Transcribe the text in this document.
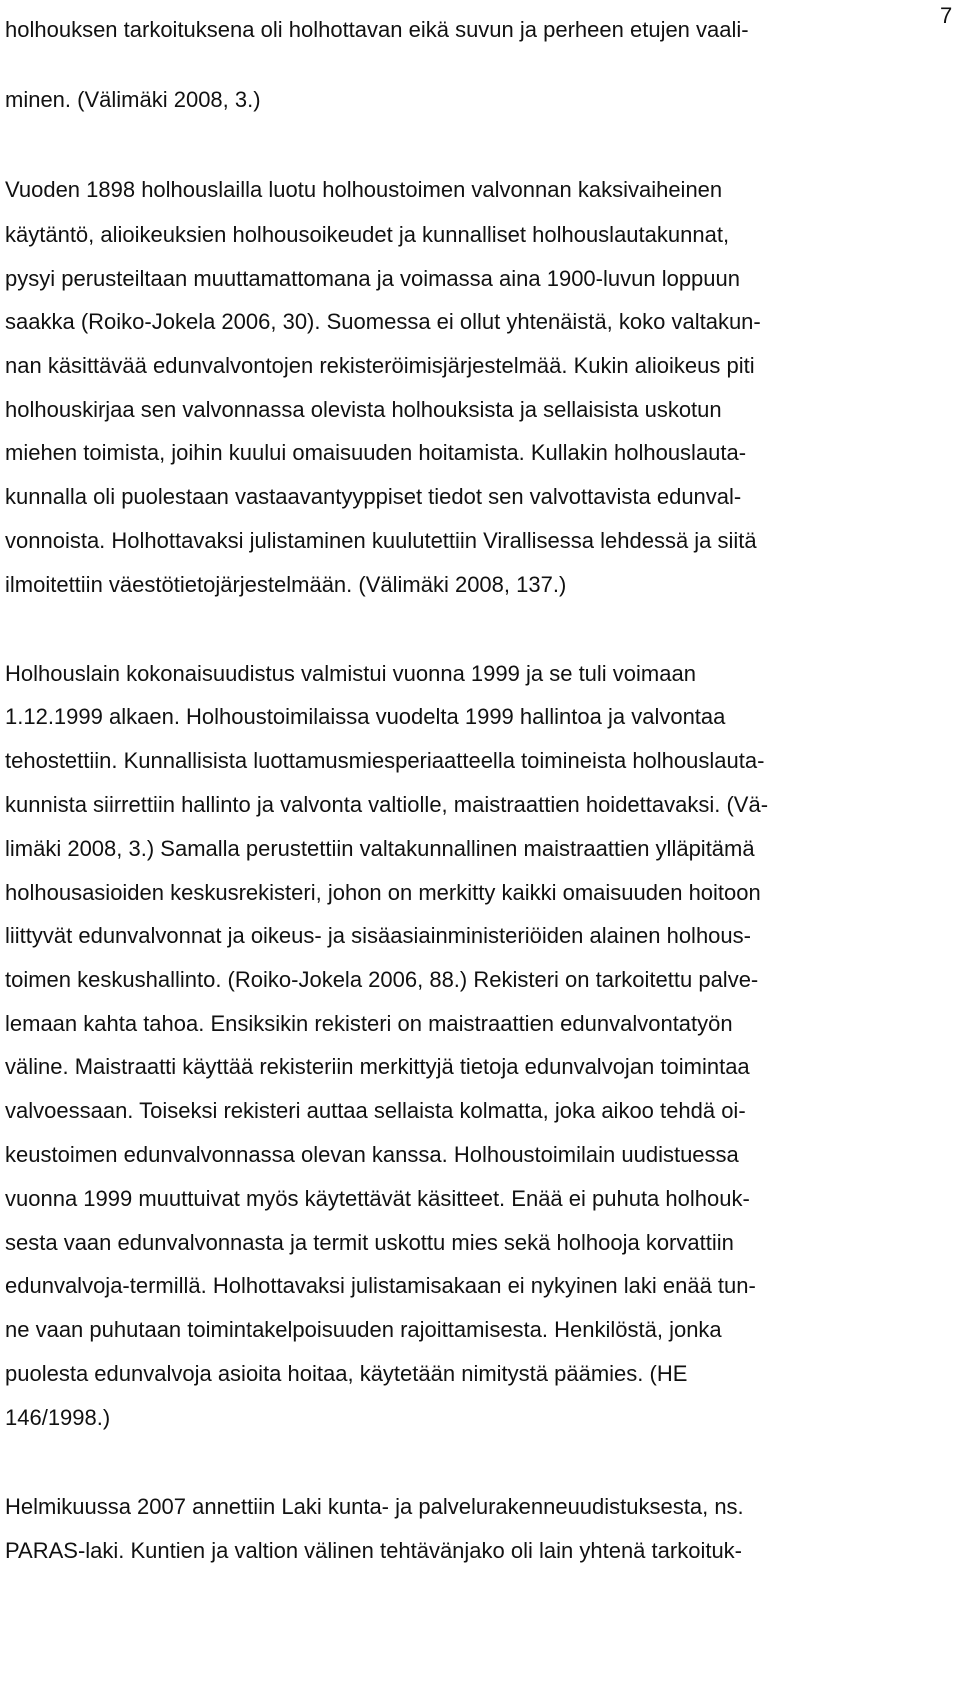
7
holhouksen tarkoituksena oli holhottavan eikä suvun ja perheen etujen vaali-
minen. (Välimäki 2008, 3.)
Vuoden 1898 holhouslailla luotu holhoustoimen valvonnan kaksivaiheinen
käytäntö, alioikeuksien holhousoikeudet ja kunnalliset holhouslautakunnat,
pysyi perusteiltaan muuttamattomana ja voimassa aina 1900-luvun loppuun
saakka (Roiko-Jokela 2006, 30). Suomessa ei ollut yhtenäistä, koko valtakun-
nan käsittävää edunvalvontojen rekisteröimisjärjestelmää. Kukin alioikeus piti
holhouskirjaa sen valvonnassa olevista holhouksista ja sellaisista uskotun
miehen toimista, joihin kuului omaisuuden hoitamista. Kullakin holhouslauta-
kunnalla oli puolestaan vastaavantyyppiset tiedot sen valvottavista edunval-
vonnoista. Holhottavaksi julistaminen kuulutettiin Virallisessa lehdessä ja siitä
ilmoitettiin väestötietojärjestelmään. (Välimäki 2008, 137.)
Holhouslain kokonaisuudistus valmistui vuonna 1999 ja se tuli voimaan
1.12.1999 alkaen. Holhoustoimilaissa vuodelta 1999 hallintoa ja valvontaa
tehostettiin. Kunnallisista luottamusmiesperiaatteella toimineista holhouslauta-
kunnista siirrettiin hallinto ja valvonta valtiolle, maistraattien hoidettavaksi. (Vä-
limäki 2008, 3.) Samalla perustettiin valtakunnallinen maistraattien ylläpitämä
holhousasioiden keskusrekisteri, johon on merkitty kaikki omaisuuden hoitoon
liittyvät edunvalvonnat ja oikeus- ja sisäasiainministeriöiden alainen holhous-
toimen keskushallinto. (Roiko-Jokela 2006, 88.) Rekisteri on tarkoitettu palve-
lemaan kahta tahoa. Ensiksikin rekisteri on maistraattien edunvalvontatyön
väline. Maistraatti käyttää rekisteriin merkittyjä tietoja edunvalvojan toimintaa
valvoessaan. Toiseksi rekisteri auttaa sellaista kolmatta, joka aikoo tehdä oi-
keustoimen edunvalvonnassa olevan kanssa. Holhoustoimilain uudistuessa
vuonna 1999 muuttuivat myös käytettävät käsitteet. Enää ei puhuta holhouk-
sesta vaan edunvalvonnasta ja termit uskottu mies sekä holhooja korvattiin
edunvalvoja-termillä. Holhottavaksi julistamisakaan ei nykyinen laki enää tun-
ne vaan puhutaan toimintakelpoisuuden rajoittamisesta. Henkilöstä, jonka
puolesta edunvalvoja asioita hoitaa, käytetään nimitystä päämies. (HE
146/1998.)
Helmikuussa 2007 annettiin Laki kunta- ja palvelurakenneuudistuksesta, ns.
PARAS-laki. Kuntien ja valtion välinen tehtävänjako oli lain yhtenä tarkoituk-
